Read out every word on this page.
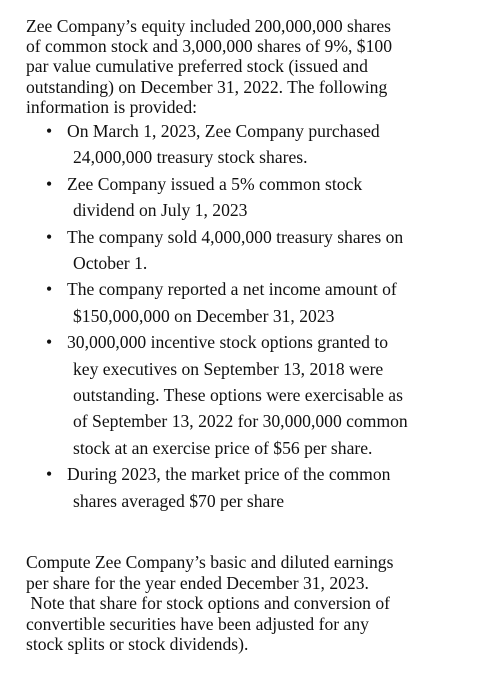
Zee Company’s equity included 200,000,000 shares
of common stock and 3,000,000 shares of 9%, $100
par value cumulative preferred stock (issued and
outstanding) on December 31, 2022. The following
information is provided:
• On March 1, 2023, Zee Company purchased
24,000,000 treasury stock shares.
• Zee Company issued a 5% common stock
dividend on July 1, 2023
• The company sold 4,000,000 treasury shares on
October 1.
• The company reported a net income amount of
$150,000,000 on December 31, 2023
• 30,000,000 incentive stock options granted to
key executives on September 13, 2018 were
outstanding. These options were exercisable as
of September 13, 2022 for 30,000,000 common
stock at an exercise price of $56 per share.
• During 2023, the market price of the common
shares averaged $70 per share
Compute Zee Company’s basic and diluted earnings
per share for the year ended December 31, 2023.
Note that share for stock options and conversion of
convertible securities have been adjusted for any
stock splits or stock dividends).
